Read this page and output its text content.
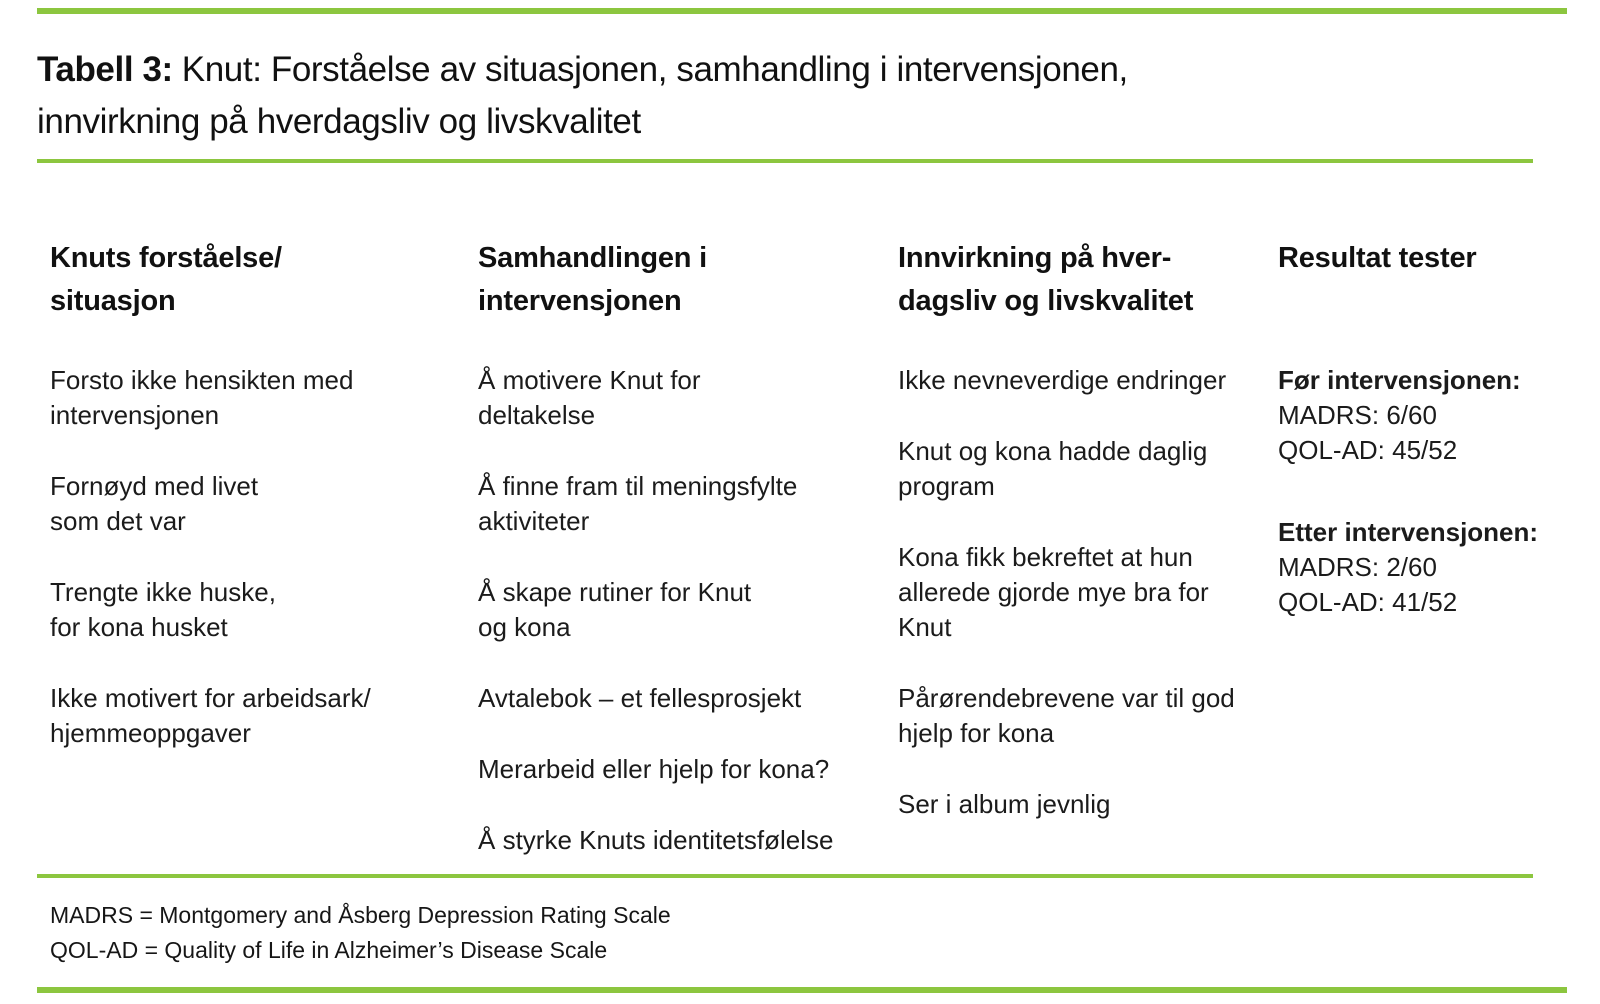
Tabell 3: Knut: Forståelse av situasjonen, samhandling i intervensjonen,
innvirkning på hverdagsliv og livskvalitet
Knuts forståelse/
situasjon

Forsto ikke hensikten med
intervensjonen

Fornøyd med livet
som det var

Trengte ikke huske,
for kona husket

Ikke motivert for arbeidsark/
hjemmeoppgaver

Samhandlingen i
intervensjonen

Å motivere Knut for
deltakelse

Å finne fram til meningsfylte
aktiviteter

Å skape rutiner for Knut
og kona

Avtalebok – et fellesprosjekt

Merarbeid eller hjelp for kona?

Å styrke Knuts identitetsfølelse

Innvirkning på hver-
dagsliv og livskvalitet

Ikke nevneverdige endringer

Knut og kona hadde daglig
program

Kona fikk bekreftet at hun
allerede gjorde mye bra for
Knut

Pårørendebrevene var til god
hjelp for kona

Ser i album jevnlig

Resultat tester

Før intervensjonen:
MADRS: 6/60
QOL-AD: 45/52

Etter intervensjonen:
MADRS: 2/60
QOL-AD: 41/52

MADRS = Montgomery and Åsberg Depression Rating Scale
QOL-AD = Quality of Life in Alzheimer’s Disease Scale
